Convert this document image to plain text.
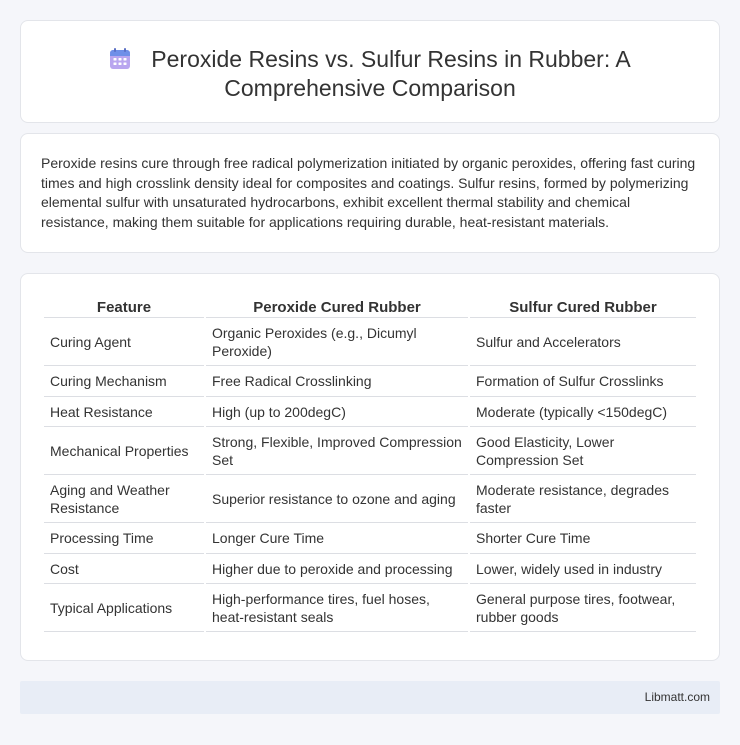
Peroxide Resins vs. Sulfur Resins in Rubber: A
Comprehensive Comparison

Peroxide resins cure through free radical polymerization initiated by organic peroxides, offering fast curing times and high crosslink density ideal for composites and coatings. Sulfur resins, formed by polymerizing elemental sulfur with unsaturated hydrocarbons, exhibit excellent thermal stability and chemical resistance, making them suitable for applications requiring durable, heat-resistant materials.

Feature	Peroxide Cured Rubber	Sulfur Cured Rubber
Curing Agent	Organic Peroxides (e.g., Dicumyl Peroxide)	Sulfur and Accelerators
Curing Mechanism	Free Radical Crosslinking	Formation of Sulfur Crosslinks
Heat Resistance	High (up to 200degC)	Moderate (typically <150degC)
Mechanical Properties	Strong, Flexible, Improved Compression Set	Good Elasticity, Lower Compression Set
Aging and Weather Resistance	Superior resistance to ozone and aging	Moderate resistance, degrades faster
Processing Time	Longer Cure Time	Shorter Cure Time
Cost	Higher due to peroxide and processing	Lower, widely used in industry
Typical Applications	High-performance tires, fuel hoses, heat-resistant seals	General purpose tires, footwear, rubber goods
Libmatt.com
